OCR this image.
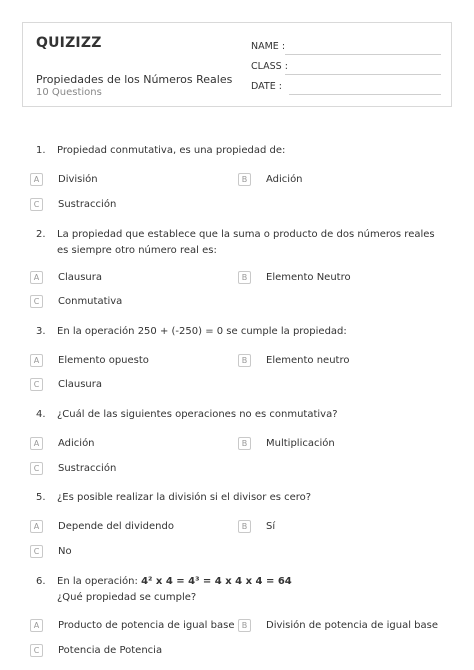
QUIZIZZ
Propiedades de los Números Reales
10 Questions
NAME :
CLASS :
DATE :
1.	Propiedad conmutativa, es una propiedad de:
A	División	B	Adición
C	Sustracción
2.	La propiedad que establece que la suma o producto de dos números reales es siempre otro número real es:
A	Clausura	B	Elemento Neutro
C	Conmutativa
3.	En la operación 250 + (-250) = 0 se cumple la propiedad:
A	Elemento opuesto	B	Elemento neutro
C	Clausura
4.	¿Cuál de las siguientes operaciones no es conmutativa?
A	Adición	B	Multiplicación
C	Sustracción
5.	¿Es posible realizar la división si el divisor es cero?
A	Depende del dividendo	B	Sí
C	No
6.	En la operación: 4² x 4 = 4³ = 4 x 4 x 4 = 64
¿Qué propiedad se cumple?
A	Producto de potencia de igual base B	División de potencia de igual base
C	Potencia de Potencia
